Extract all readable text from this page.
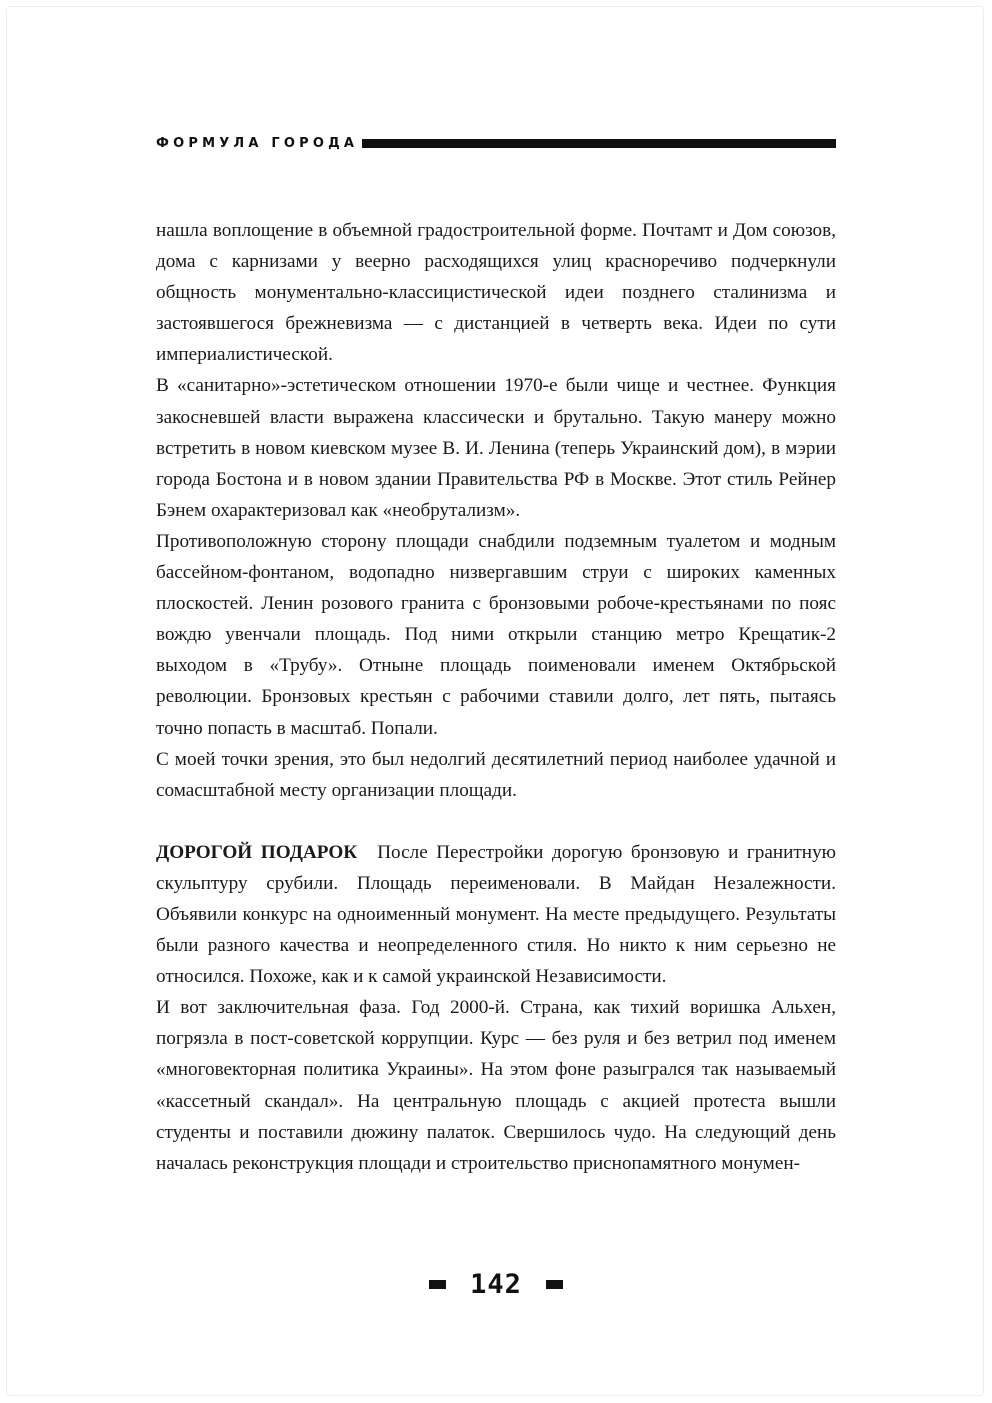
ФОРМУЛА ГОРОДА

нашла воплощение в объемной градостроительной форме. Почтамт и Дом союзов, дома с карнизами у веерно расходящихся улиц красноречиво подчеркнули общность монументально-классицистической идеи позднего сталинизма и застоявшегося брежневизма — с дистанцией в четверть века. Идеи по сути империалистической.

В «санитарно»-эстетическом отношении 1970-е были чище и честнее. Функция закосневшей власти выражена классически и брутально. Такую манеру можно встретить в новом киевском музее В. И. Ленина (теперь Украинский дом), в мэрии города Бостона и в новом здании Правительства РФ в Москве. Этот стиль Рейнер Бэнем охарактеризовал как «необрутализм».

Противоположную сторону площади снабдили подземным туалетом и модным бассейном-фонтаном, водопадно низвергавшим струи с широких каменных плоскостей. Ленин розового гранита с бронзовыми робоче-крестьянами по пояс вождю увенчали площадь. Под ними открыли станцию метро Крещатик-2 выходом в «Трубу». Отныне площадь поименовали именем Октябрьской революции. Бронзовых крестьян с рабочими ставили долго, лет пять, пытаясь точно попасть в масштаб. Попали.

С моей точки зрения, это был недолгий десятилетний период наиболее удачной и сомасштабной месту организации площади.

ДОРОГОЙ ПОДАРОК После Перестройки дорогую бронзовую и гранитную скульптуру срубили. Площадь переименовали. В Майдан Незалежности. Объявили конкурс на одноименный монумент. На месте предыдущего. Результаты были разного качества и неопределенного стиля. Но никто к ним серьезно не относился. Похоже, как и к самой украинской Независимости.

И вот заключительная фаза. Год 2000-й. Страна, как тихий воришка Альхен, погрязла в пост-советской коррупции. Курс — без руля и без ветрил под именем «многовекторная политика Украины». На этом фоне разыгрался так называемый «кассетный скандал». На центральную площадь с акцией протеста вышли студенты и поставили дюжину палаток. Свершилось чудо. На следующий день началась реконструкция площади и строительство приснопамятного монумен-

142
